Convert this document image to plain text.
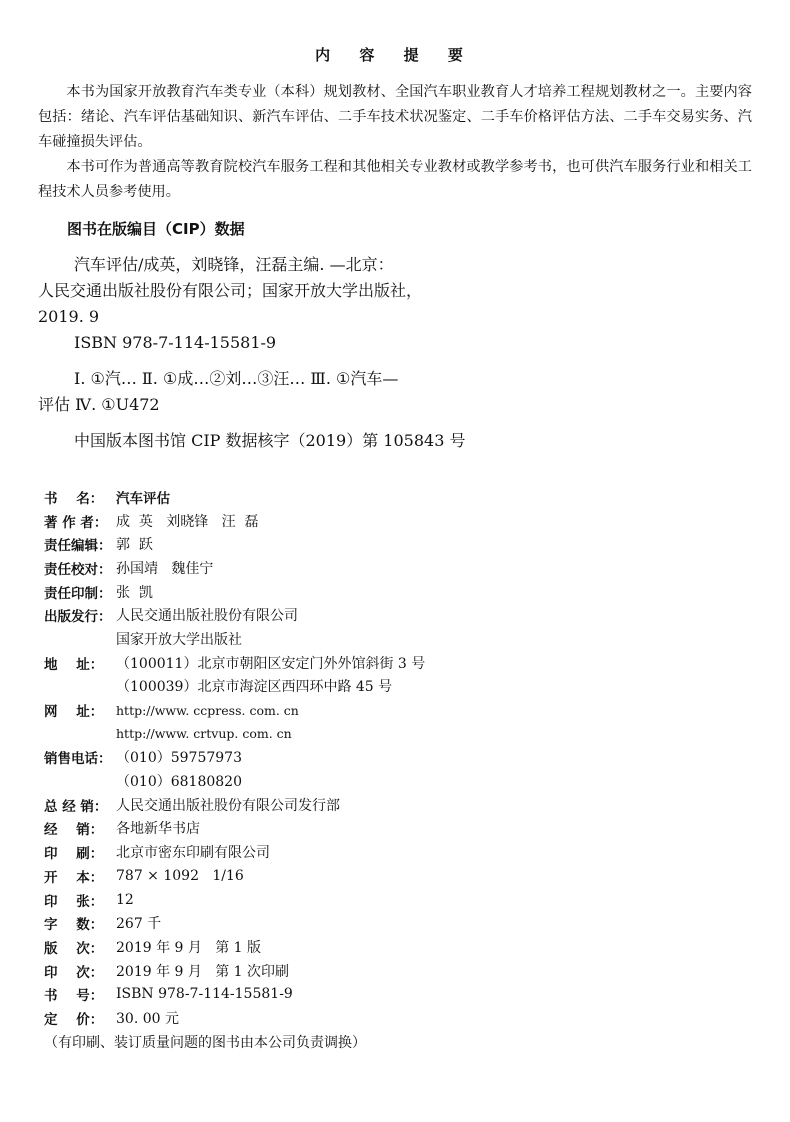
内 容 提 要

本书为国家开放教育汽车类专业（本科）规划教材、全国汽车职业教育人才培养工程规划教材之一。主要内容包括：绪论、汽车评估基础知识、新汽车评估、二手车技术状况鉴定、二手车价格评估方法、二手车交易实务、汽车碰撞损失评估。

本书可作为普通高等教育院校汽车服务工程和其他相关专业教材或教学参考书，也可供汽车服务行业和相关工程技术人员参考使用。

图书在版编目（CIP）数据
汽车评估/成英，刘晓锋，汪磊主编. —北京：
人民交通出版社股份有限公司；国家开放大学出版社，
2019. 9
ISBN 978-7-114-15581-9
Ⅰ. ①汽… Ⅱ. ①成…②刘…③汪… Ⅲ. ①汽车—
评估 Ⅳ. ①U472
中国版本图书馆 CIP 数据核字（2019）第 105843 号
书    名： 汽车评估
著 作 者： 成  英   刘晓锋   汪  磊
责任编辑： 郭  跃
责任校对： 孙国靖   魏佳宁
责任印制： 张  凯
出版发行： 人民交通出版社股份有限公司
国家开放大学出版社
地    址： （100011）北京市朝阳区安定门外外馆斜街 3 号
（100039）北京市海淀区西四环中路 45 号
网    址：	http://www. ccpress. com. cn
http://www. crtvup. com. cn
销售电话： （010）59757973
（010）68180820
总 经 销： 人民交通出版社股份有限公司发行部
经    销： 各地新华书店
印    刷： 北京市密东印刷有限公司
开    本： 787 × 1092   1/16
印    张： 12
字    数： 267 千
版    次： 2019 年 9 月   第 1 版
印    次： 2019 年 9 月   第 1 次印刷
书    号： ISBN 978-7-114-15581-9
定    价： 30. 00 元
（有印刷、装订质量问题的图书由本公司负责调换）
